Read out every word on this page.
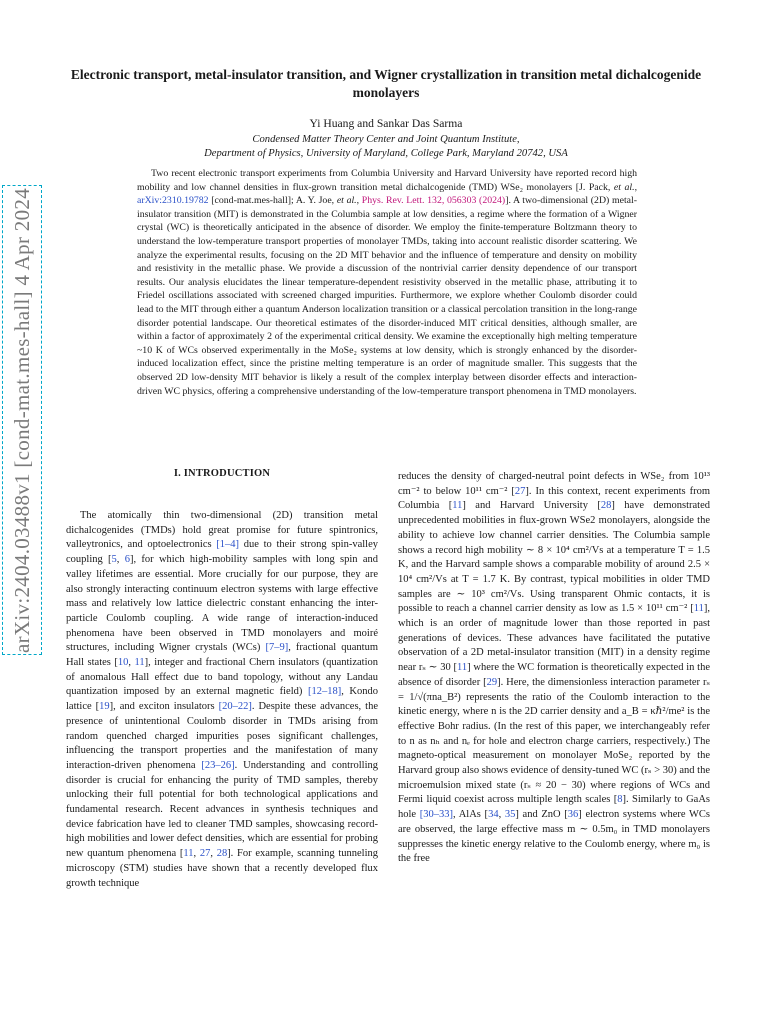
arXiv:2404.03488v1 [cond-mat.mes-hall] 4 Apr 2024
Electronic transport, metal-insulator transition, and Wigner crystallization in transition metal dichalcogenide monolayers
Yi Huang and Sankar Das Sarma
Condensed Matter Theory Center and Joint Quantum Institute,
Department of Physics, University of Maryland, College Park, Maryland 20742, USA

Two recent electronic transport experiments from Columbia University and Harvard University have reported record high mobility and low channel densities in flux-grown transition metal dichalcogenide (TMD) WSe₂ monolayers [J. Pack, et al., arXiv:2310.19782 [cond-mat.mes-hall]; A. Y. Joe, et al., Phys. Rev. Lett. 132, 056303 (2024)]. A two-dimensional (2D) metal-insulator transition (MIT) is demonstrated in the Columbia sample at low densities, a regime where the formation of a Wigner crystal (WC) is theoretically anticipated in the absence of disorder. We employ the finite-temperature Boltzmann theory to understand the low-temperature transport properties of monolayer TMDs, taking into account realistic disorder scattering. We analyze the experimental results, focusing on the 2D MIT behavior and the influence of temperature and density on mobility and resistivity in the metallic phase. We provide a discussion of the nontrivial carrier density dependence of our transport results. Our analysis elucidates the linear temperature-dependent resistivity observed in the metallic phase, attributing it to Friedel oscillations associated with screened charged impurities. Furthermore, we explore whether Coulomb disorder could lead to the MIT through either a quantum Anderson localization transition or a classical percolation transition in the long-range disorder potential landscape. Our theoretical estimates of the disorder-induced MIT critical densities, although smaller, are within a factor of approximately 2 of the experimental critical density. We examine the exceptionally high melting temperature ~10 K of WCs observed experimentally in the MoSe₂ systems at low density, which is strongly enhanced by the disorder-induced localization effect, since the pristine melting temperature is an order of magnitude smaller. This suggests that the observed 2D low-density MIT behavior is likely a result of the complex interplay between disorder effects and interaction-driven WC physics, offering a comprehensive understanding of the low-temperature transport phenomena in TMD monolayers.

I. INTRODUCTION

The atomically thin two-dimensional (2D) transition metal dichalcogenides (TMDs) hold great promise for future spintronics, valleytronics, and optoelectronics [1–4] due to their strong spin-valley coupling [5, 6], for which high-mobility samples with long spin and valley lifetimes are essential. More crucially for our purpose, they are also strongly interacting continuum electron systems with large effective mass and relatively low lattice dielectric constant enhancing the inter-particle Coulomb coupling. A wide range of interaction-induced phenomena have been observed in TMD monolayers and moiré structures, including Wigner crystals (WCs) [7–9], fractional quantum Hall states [10, 11], integer and fractional Chern insulators (quantization of anomalous Hall effect due to band topology, without any Landau quantization imposed by an external magnetic field) [12–18], Kondo lattice [19], and exciton insulators [20–22]. Despite these advances, the presence of unintentional Coulomb disorder in TMDs arising from random quenched charged impurities poses significant challenges, influencing the transport properties and the manifestation of many interaction-driven phenomena [23–26]. Understanding and controlling disorder is crucial for enhancing the purity of TMD samples, thereby unlocking their full potential for both technological applications and fundamental research. Recent advances in synthesis techniques and device fabrication have led to cleaner TMD samples, showcasing record-high mobilities and lower defect densities, which are essential for probing new quantum phenomena [11, 27, 28]. For example, scanning tunneling microscopy (STM) studies have shown that a recently developed flux growth technique

reduces the density of charged-neutral point defects in WSe₂ from 10¹³ cm⁻² to below 10¹¹ cm⁻² [27]. In this context, recent experiments from Columbia [11] and Harvard University [28] have demonstrated unprecedented mobilities in flux-grown WSe2 monolayers, alongside the ability to achieve low channel carrier densities. The Columbia sample shows a record high mobility ∼ 8 × 10⁴ cm²/Vs at a temperature T = 1.5 K, and the Harvard sample shows a comparable mobility of around 2.5 × 10⁴ cm²/Vs at T = 1.7 K. By contrast, typical mobilities in older TMD samples are ∼ 10³ cm²/Vs. Using transparent Ohmic contacts, it is possible to reach a channel carrier density as low as 1.5 × 10¹¹ cm⁻² [11], which is an order of magnitude lower than those reported in past generations of devices. These advances have facilitated the putative observation of a 2D metal-insulator transition (MIT) in a density regime near rₛ ∼ 30 [11] where the WC formation is theoretically expected in the absence of disorder [29]. Here, the dimensionless interaction parameter rₛ = 1/√(πna_B²) represents the ratio of the Coulomb interaction to the kinetic energy, where n is the 2D carrier density and a_B = κℏ²/me² is the effective Bohr radius. (In the rest of this paper, we interchangeably refer to n as nₕ and nₑ for hole and electron charge carriers, respectively.) The magneto-optical measurement on monolayer MoSe₂ reported by the Harvard group also shows evidence of density-tuned WC (rₛ > 30) and the microemulsion mixed state (rₛ ≈ 20 − 30) where regions of WCs and Fermi liquid coexist across multiple length scales [8]. Similarly to GaAs hole [30–33], AlAs [34, 35] and ZnO [36] electron systems where WCs are observed, the large effective mass m ∼ 0.5m₀ in TMD monolayers suppresses the kinetic energy relative to the Coulomb energy, where m₀ is the free
